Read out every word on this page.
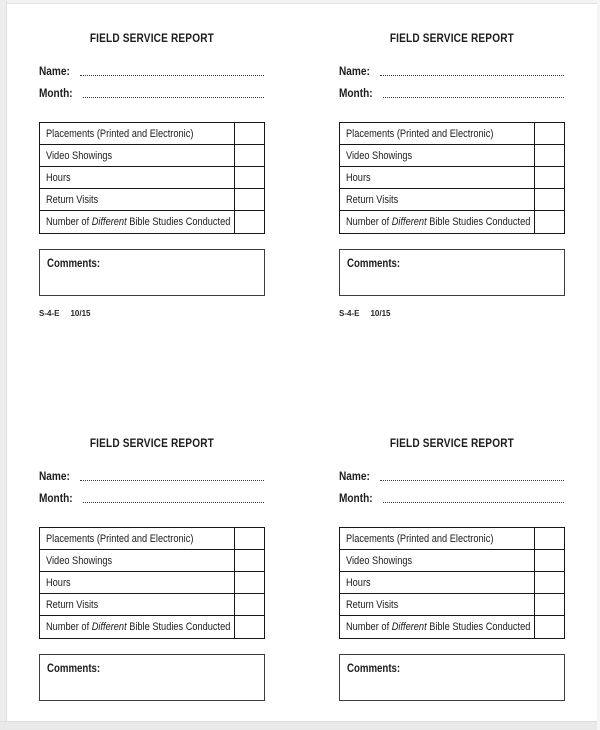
FIELD SERVICE REPORT
Name:
Month:
Placements (Printed and Electronic)
Video Showings
Hours
Return Visits
Number of Different Bible Studies Conducted
Comments:
S-4-E 10/15
FIELD SERVICE REPORT
Name:
Month:
Placements (Printed and Electronic)
Video Showings
Hours
Return Visits
Number of Different Bible Studies Conducted
Comments:
S-4-E 10/15
FIELD SERVICE REPORT
Name:
Month:
Placements (Printed and Electronic)
Video Showings
Hours
Return Visits
Number of Different Bible Studies Conducted
Comments:
FIELD SERVICE REPORT
Name:
Month:
Placements (Printed and Electronic)
Video Showings
Hours
Return Visits
Number of Different Bible Studies Conducted
Comments:
